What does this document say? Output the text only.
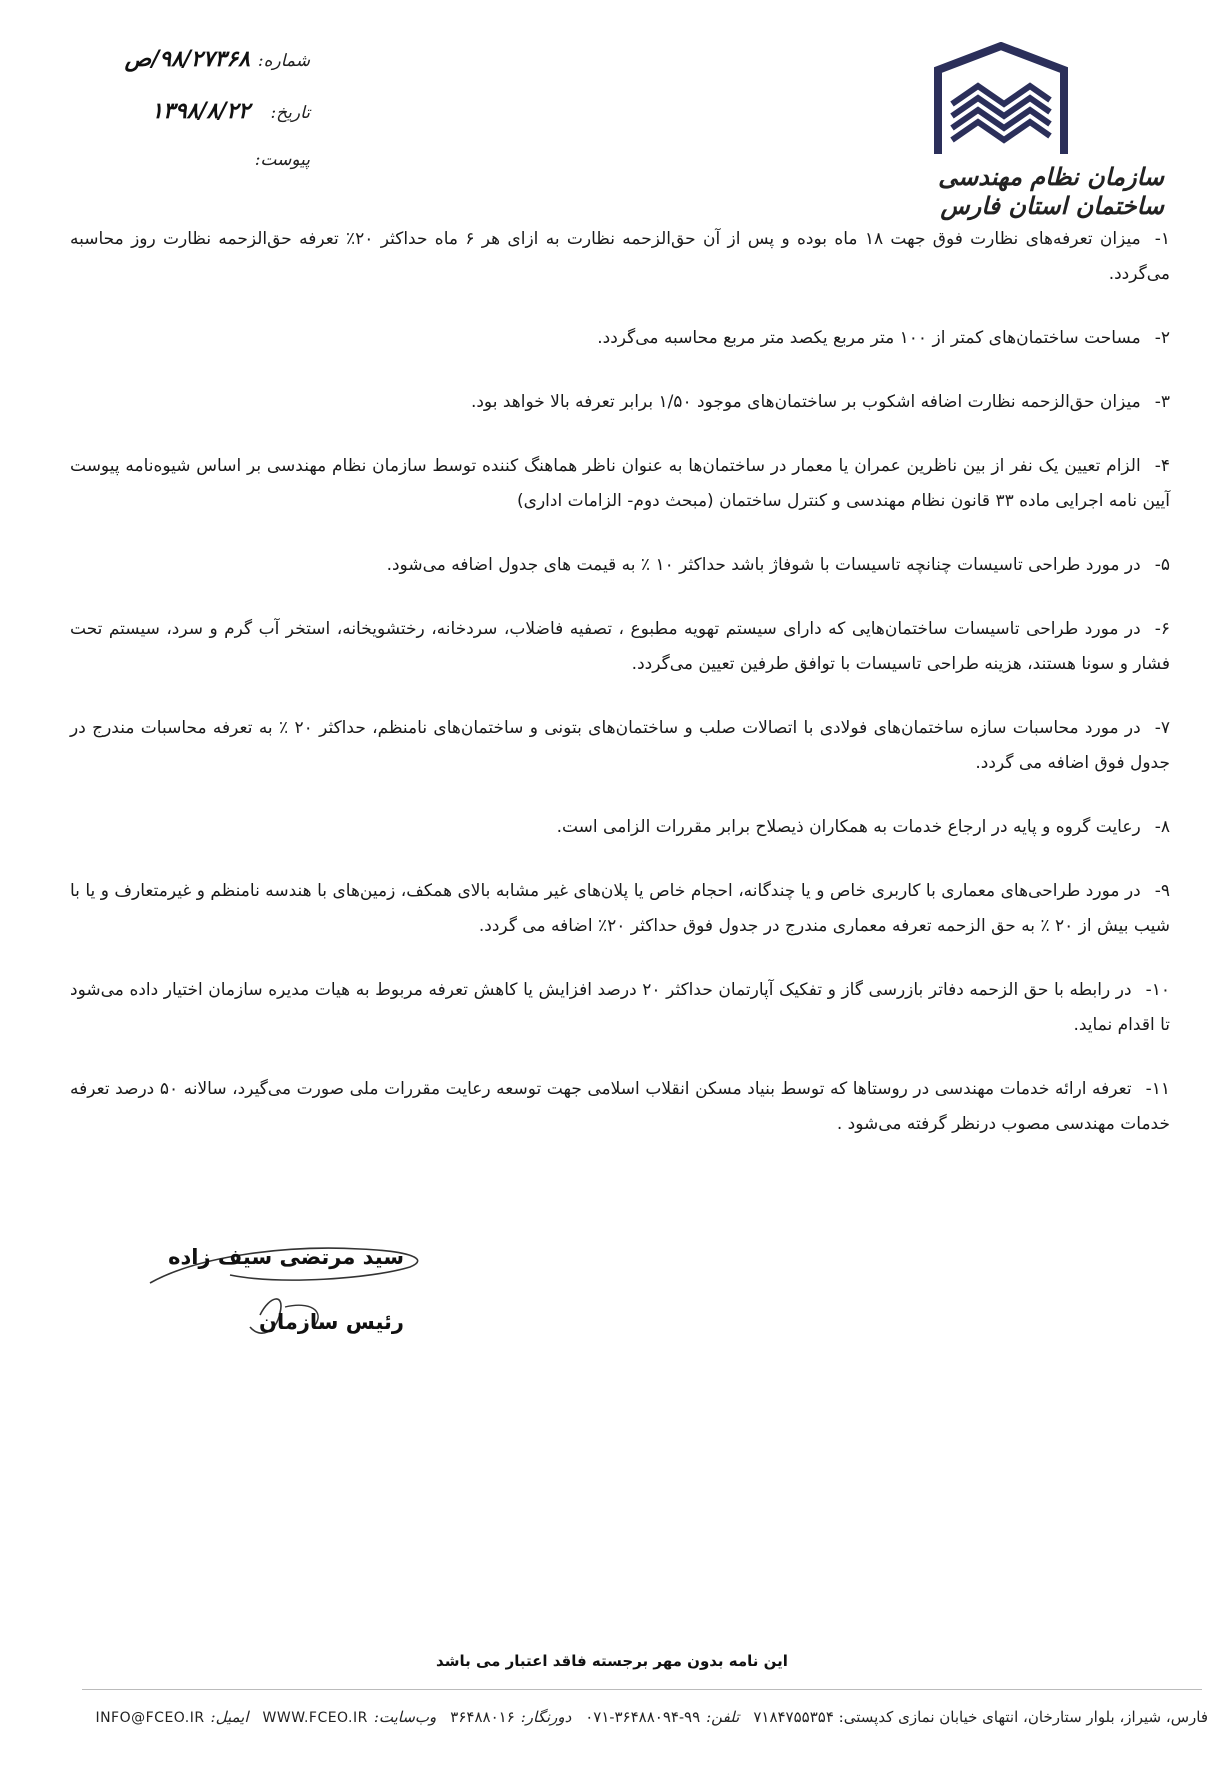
شماره:
۹۸/۲۷۳۶۸/ص
تاریخ:
۱۳۹۸/۸/۲۲
پیوست:
سازمان نظام مهندسی ساختمان استان فارس

۱-میزان تعرفه‌های نظارت فوق جهت ۱۸ ماه بوده و پس از آن حق‌الزحمه نظارت به ازای هر ۶ ماه حداکثر ۲۰٪ تعرفه حق‌الزحمه نظارت روز محاسبه می‌گردد.

۲-مساحت ساختمان‌های کمتر از ۱۰۰ متر مربع یکصد متر مربع محاسبه می‌گردد.

۳-میزان حق‌الزحمه نظارت اضافه اشکوب بر ساختمان‌های موجود ۱/۵۰ برابر تعرفه بالا خواهد بود.

۴-الزام تعیین یک نفر از بین ناظرین عمران یا معمار در ساختمان‌ها به عنوان ناظر هماهنگ کننده توسط سازمان نظام مهندسی بر اساس شیوه‌نامه پیوست آیین نامه اجرایی ماده ۳۳ قانون نظام مهندسی و کنترل ساختمان (مبحث دوم- الزامات اداری)

۵-در مورد طراحی تاسیسات چنانچه تاسیسات با شوفاژ باشد حداکثر ۱۰ ٪ به قیمت های جدول اضافه می‌شود.

۶-در مورد طراحی تاسیسات ساختمان‌هایی که دارای سیستم تهویه مطبوع ، تصفیه فاضلاب، سردخانه، رختشویخانه، استخر آب گرم و سرد، سیستم تحت فشار و سونا هستند، هزینه طراحی تاسیسات با توافق طرفین تعیین می‌گردد.

۷-در مورد محاسبات سازه ساختمان‌های فولادی با اتصالات صلب و ساختمان‌های بتونی و ساختمان‌های نامنظم، حداکثر ۲۰ ٪ به تعرفه محاسبات مندرج در جدول فوق اضافه می گردد.

۸-رعایت گروه و پایه در ارجاع خدمات به همکاران ذیصلاح برابر مقررات الزامی است.

۹-در مورد طراحی‌های معماری با کاربری خاص و یا چندگانه، احجام خاص یا پلان‌های غیر مشابه بالای همکف، زمین‌های با هندسه نامنظم و غیرمتعارف و یا با شیب بیش از ۲۰ ٪ به حق الزحمه تعرفه معماری مندرج در جدول فوق حداکثر ۲۰٪ اضافه می گردد.

۱۰-در رابطه با حق الزحمه دفاتر بازرسی گاز و تفکیک آپارتمان حداکثر ۲۰ درصد افزایش یا کاهش تعرفه مربوط به هیات مدیره سازمان اختیار داده می‌شود تا اقدام نماید.

۱۱-تعرفه ارائه خدمات مهندسی در روستاها که توسط بنیاد مسکن انقلاب اسلامی جهت توسعه رعایت مقررات ملی صورت می‌گیرد، سالانه ۵۰ درصد تعرفه خدمات مهندسی مصوب درنظر گرفته می‌شود .

سید مرتضی سیف زاده
رئیس سازمان
این نامه بدون مهر برجسته فاقد اعتبار می باشد
فارس، شیراز، بلوار ستارخان، انتهای خیابان نمازی کدپستی: ۷۱۸۴۷۵۵۳۵۴
تلفن:
۰۷۱-۳۶۴۸۸۰۹۴-۹۹
دورنگار:
۳۶۴۸۸۰۱۶
وب‌سایت:
WWW.FCEO.IR
ایمیل:
INFO@FCEO.IR
